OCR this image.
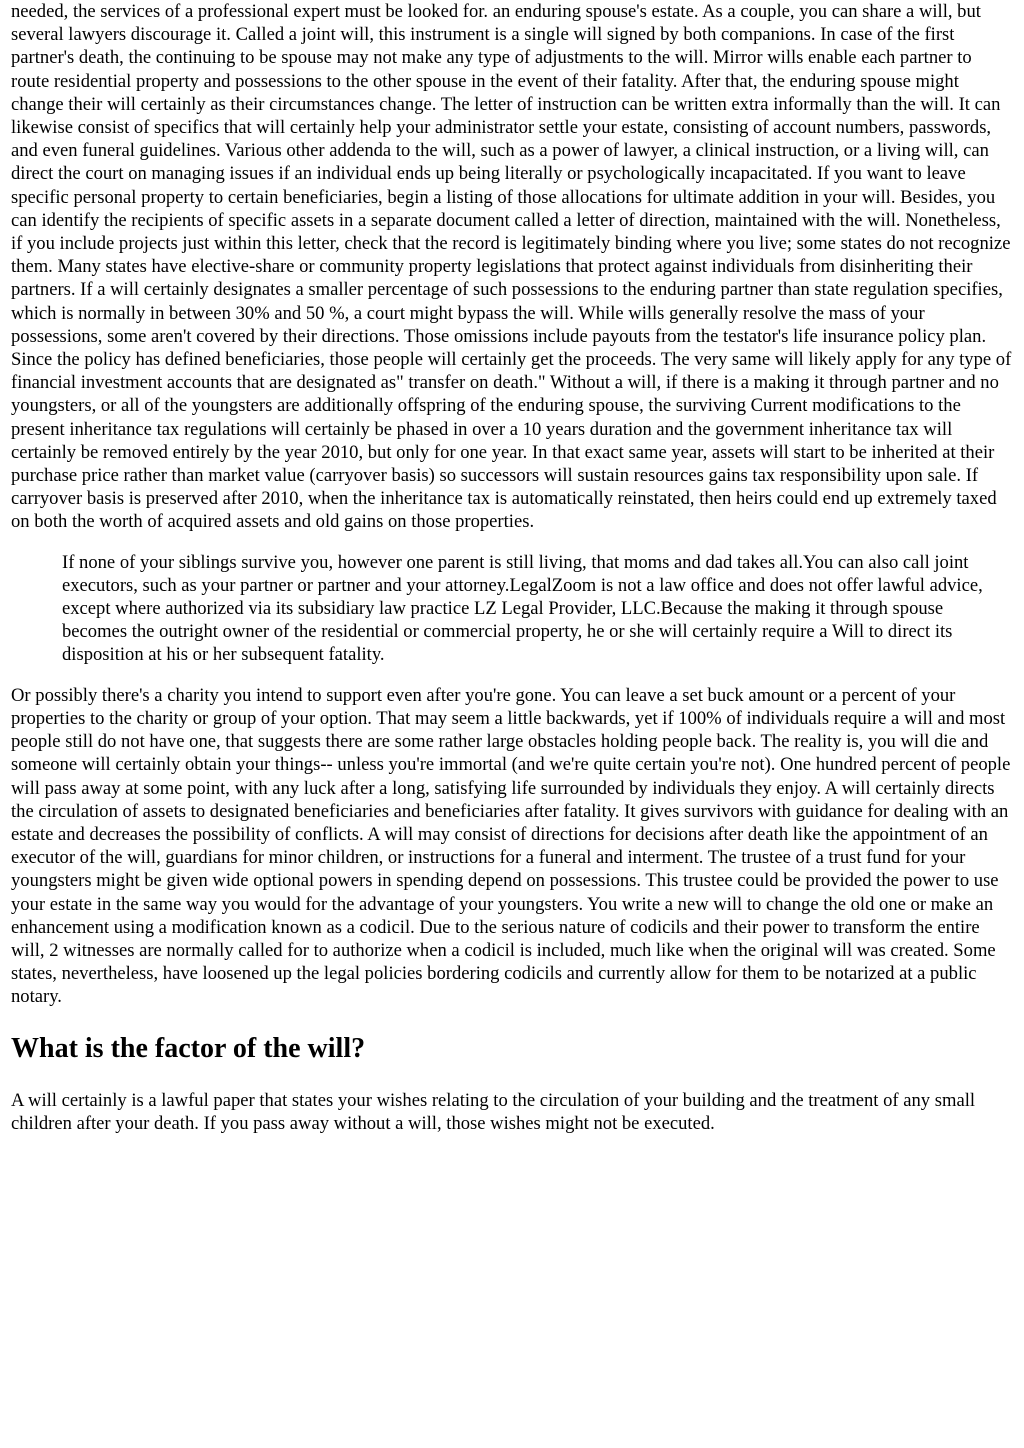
needed, the services of a professional expert must be looked for. an enduring spouse's estate. As a couple, you can share a will, but several lawyers discourage it. Called a joint will, this instrument is a single will signed by both companions. In case of the first partner's death, the continuing to be spouse may not make any type of adjustments to the will. Mirror wills enable each partner to route residential property and possessions to the other spouse in the event of their fatality. After that, the enduring spouse might change their will certainly as their circumstances change. The letter of instruction can be written extra informally than the will. It can likewise consist of specifics that will certainly help your administrator settle your estate, consisting of account numbers, passwords, and even funeral guidelines. Various other addenda to the will, such as a power of lawyer, a clinical instruction, or a living will, can direct the court on managing issues if an individual ends up being literally or psychologically incapacitated. If you want to leave specific personal property to certain beneficiaries, begin a listing of those allocations for ultimate addition in your will. Besides, you can identify the recipients of specific assets in a separate document called a letter of direction, maintained with the will. Nonetheless, if you include projects just within this letter, check that the record is legitimately binding where you live; some states do not recognize them. Many states have elective-share or community property legislations that protect against individuals from disinheriting their partners. If a will certainly designates a smaller percentage of such possessions to the enduring partner than state regulation specifies, which is normally in between 30% and 50 %, a court might bypass the will. While wills generally resolve the mass of your possessions, some aren't covered by their directions. Those omissions include payouts from the testator's life insurance policy plan. Since the policy has defined beneficiaries, those people will certainly get the proceeds. The very same will likely apply for any type of financial investment accounts that are designated as" transfer on death." Without a will, if there is a making it through partner and no youngsters, or all of the youngsters are additionally offspring of the enduring spouse, the surviving Current modifications to the present inheritance tax regulations will certainly be phased in over a 10 years duration and the government inheritance tax will certainly be removed entirely by the year 2010, but only for one year. In that exact same year, assets will start to be inherited at their purchase price rather than market value (carryover basis) so successors will sustain resources gains tax responsibility upon sale. If carryover basis is preserved after 2010, when the inheritance tax is automatically reinstated, then heirs could end up extremely taxed on both the worth of acquired assets and old gains on those properties.

If none of your siblings survive you, however one parent is still living, that moms and dad takes all.You can also call joint executors, such as your partner or partner and your attorney.LegalZoom is not a law office and does not offer lawful advice, except where authorized via its subsidiary law practice LZ Legal Provider, LLC.Because the making it through spouse becomes the outright owner of the residential or commercial property, he or she will certainly require a Will to direct its disposition at his or her subsequent fatality.

Or possibly there's a charity you intend to support even after you're gone. You can leave a set buck amount or a percent of your properties to the charity or group of your option. That may seem a little backwards, yet if 100% of individuals require a will and most people still do not have one, that suggests there are some rather large obstacles holding people back. The reality is, you will die and someone will certainly obtain your things-- unless you're immortal (and we're quite certain you're not). One hundred percent of people will pass away at some point, with any luck after a long, satisfying life surrounded by individuals they enjoy. A will certainly directs the circulation of assets to designated beneficiaries and beneficiaries after fatality. It gives survivors with guidance for dealing with an estate and decreases the possibility of conflicts. A will may consist of directions for decisions after death like the appointment of an executor of the will, guardians for minor children, or instructions for a funeral and interment. The trustee of a trust fund for your youngsters might be given wide optional powers in spending depend on possessions. This trustee could be provided the power to use your estate in the same way you would for the advantage of your youngsters. You write a new will to change the old one or make an enhancement using a modification known as a codicil. Due to the serious nature of codicils and their power to transform the entire will, 2 witnesses are normally called for to authorize when a codicil is included, much like when the original will was created. Some states, nevertheless, have loosened up the legal policies bordering codicils and currently allow for them to be notarized at a public notary.

What is the factor of the will?

A will certainly is a lawful paper that states your wishes relating to the circulation of your building and the treatment of any small children after your death. If you pass away without a will, those wishes might not be executed.
